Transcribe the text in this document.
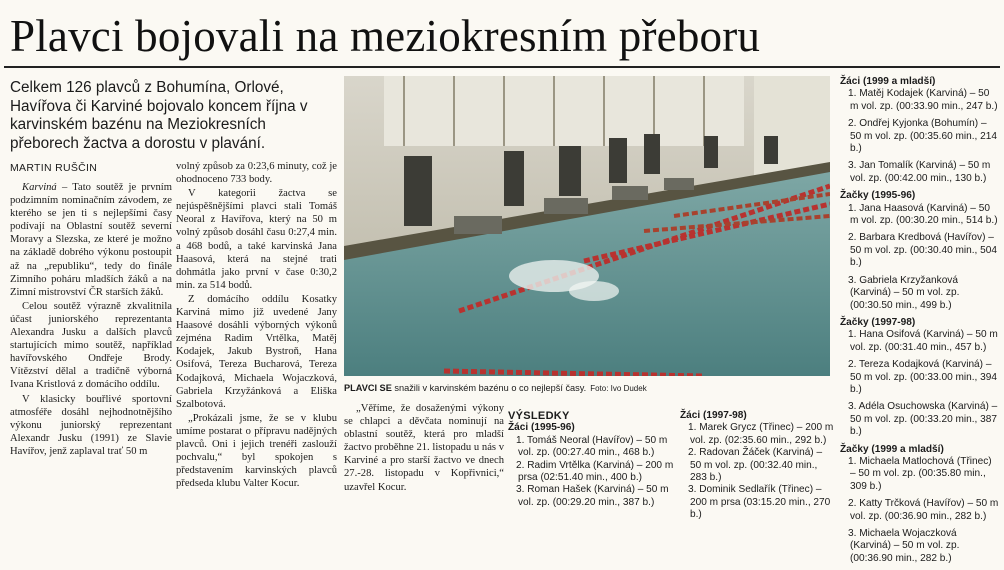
Plavci bojovali na meziokresním přeboru
Celkem 126 plavců z Bohumína, Orlové, Havířova či Karviné bojovalo koncem října v karvinském bazénu na Meziokresních přeborech žactva a dorostu v plavání.
MARTIN RUŠČIN

Karviná – Tato soutěž je prvním podzimním nominačním závodem, ze kterého se jen ti s nejlepšími časy podívají na Oblastní soutěž severní Moravy a Slezska, ze které je možno na základě dobrého výkonu postoupit až na „republiku“, tedy do finále Zimního poháru mladších žáků a na Zimní mistrovství ČR starších žáků.

Celou soutěž výrazně zkvalitnila účast juniorského reprezentanta Alexandra Jusku a dalších plavců startujících mimo soutěž, například havířovského Ondřeje Brody. Vítězství dělal a tradičně výborná Ivana Kristlová z domácího oddílu.

V klasicky bouřlivé sportovní atmosféře dosáhl nejhodnotnějšího výkonu juniorský reprezentant Alexandr Jusku (1991) ze Slavie Havířov, jenž zaplaval trať 50 m

volný způsob za 0:23,6 minuty, což je ohodnoceno 733 body.

V kategorii žactva se nejúspěšnějšími plavci stali Tomáš Neoral z Havířova, který na 50 m volný způsob dosáhl času 0:27,4 min. a 468 bodů, a také karvinská Jana Haasová, která na stejné trati dohmátla jako první v čase 0:30,2 min. za 514 bodů.

Z domácího oddílu Kosatky Karviná mimo již uvedené Jany Haasové dosáhli výborných výkonů zejména Radim Vrtělka, Matěj Kodajek, Jakub Bystroň, Hana Osifová, Tereza Bucharová, Tereza Kodajková, Michaela Wojaczková, Gabriela Krzyžánková a Eliška Szalbotová.

„Prokázali jsme, že se v klubu umíme postarat o přípravu nadějných plavců. Oni i jejich trenéři zaslouží pochvalu,“ byl spokojen s představením karvinských plavců předseda klubu Valter Kocur.

PLAVCI SE snažili v karvinském bazénu o co nejlepší časy. Foto: Ivo Dudek

„Věříme, že dosaženými výkony se chlapci a děvčata nominují na oblastní soutěž, která pro mladší žactvo proběhne 21. listopadu u nás v Karviné a pro starší žactvo ve dnech 27.-28. listopadu v Kopřivnici,“ uzavřel Kocur.

VÝSLEDKY
Žáci (1995-96)
1. Tomáš Neoral (Havířov) – 50 m vol. zp. (00:27.40 min., 468 b.)
2. Radim Vrtělka (Karviná) – 200 m prsa (02:51.40 min., 400 b.)
3. Roman Hašek (Karviná) – 50 m vol. zp. (00:29.20 min., 387 b.)
Žáci (1997-98)
1. Marek Grycz (Třinec) – 200 m vol. zp. (02:35.60 min., 292 b.)
2. Radovan Žáček (Karviná) – 50 m vol. zp. (00:32.40 min., 283 b.)
3. Dominik Sedlařík (Třinec) – 200 m prsa (03:15.20 min., 270 b.)
Žáci (1999 a mladší)
1. Matěj Kodajek (Karviná) – 50 m vol. zp. (00:33.90 min., 247 b.)
2. Ondřej Kyjonka (Bohumín) – 50 m vol. zp. (00:35.60 min., 214 b.)
3. Jan Tomalík (Karviná) – 50 m vol. zp. (00:42.00 min., 130 b.)
Žačky (1995-96)
1. Jana Haasová (Karviná) – 50 m vol. zp. (00:30.20 min., 514 b.)
2. Barbara Kredbová (Havířov) – 50 m vol. zp. (00:30.40 min., 504 b.)
3. Gabriela Krzyžanková (Karviná) – 50 m vol. zp. (00:30.50 min., 499 b.)
Žačky (1997-98)
1. Hana Osifová (Karviná) – 50 m vol. zp. (00:31.40 min., 457 b.)
2. Tereza Kodajková (Karviná) – 50 m vol. zp. (00:33.00 min., 394 b.)
3. Adéla Osuchowska (Karviná) – 50 m vol. zp. (00:33.20 min., 387 b.)
Žačky (1999 a mladší)
1. Michaela Matlochová (Třinec) – 50 m vol. zp. (00:35.80 min., 309 b.)
2. Katty Trčková (Havířov) – 50 m vol. zp. (00:36.90 min., 282 b.)
3. Michaela Wojaczková (Karviná) – 50 m vol. zp. (00:36.90 min., 282 b.)
